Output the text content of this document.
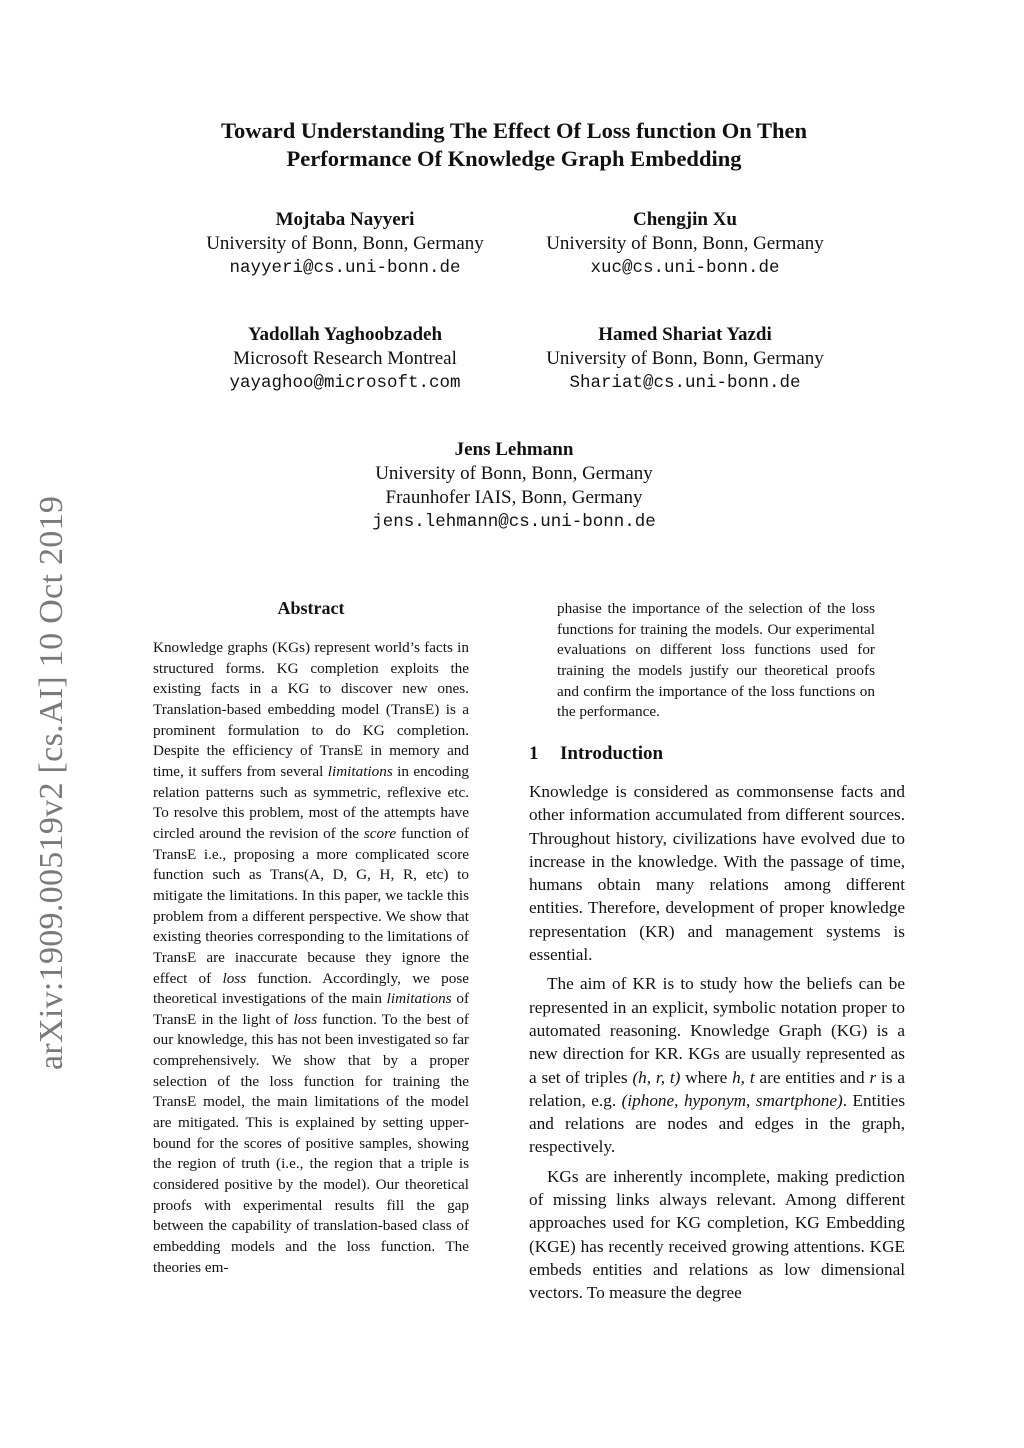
arXiv:1909.00519v2 [cs.AI] 10 Oct 2019
Toward Understanding The Effect Of Loss function On Then
Performance Of Knowledge Graph Embedding
Mojtaba Nayyeri
University of Bonn, Bonn, Germany
nayyeri@cs.uni-bonn.de
Chengjin Xu
University of Bonn, Bonn, Germany
xuc@cs.uni-bonn.de
Yadollah Yaghoobzadeh
Microsoft Research Montreal
yayaghoo@microsoft.com
Hamed Shariat Yazdi
University of Bonn, Bonn, Germany
Shariat@cs.uni-bonn.de
Jens Lehmann
University of Bonn, Bonn, Germany
Fraunhofer IAIS, Bonn, Germany
jens.lehmann@cs.uni-bonn.de
Abstract

Knowledge graphs (KGs) represent world’s facts in structured forms. KG completion exploits the existing facts in a KG to discover new ones. Translation-based embedding model (TransE) is a prominent formulation to do KG completion. Despite the efficiency of TransE in memory and time, it suffers from several limitations in encoding relation patterns such as symmetric, reflexive etc. To resolve this problem, most of the attempts have circled around the revision of the score function of TransE i.e., proposing a more complicated score function such as Trans(A, D, G, H, R, etc) to mitigate the limitations. In this paper, we tackle this problem from a different perspective. We show that existing theories corresponding to the limitations of TransE are inaccurate because they ignore the effect of loss function. Accordingly, we pose theoretical investigations of the main limitations of TransE in the light of loss function. To the best of our knowledge, this has not been investigated so far comprehensively. We show that by a proper selection of the loss function for training the TransE model, the main limitations of the model are mitigated. This is explained by setting upper-bound for the scores of positive samples, showing the region of truth (i.e., the region that a triple is considered positive by the model). Our theoretical proofs with experimental results fill the gap between the capability of translation-based class of embedding models and the loss function. The theories em-

phasise the importance of the selection of the loss functions for training the models. Our experimental evaluations on different loss functions used for training the models justify our theoretical proofs and confirm the importance of the loss functions on the performance.

1 Introduction

Knowledge is considered as commonsense facts and other information accumulated from different sources. Throughout history, civilizations have evolved due to increase in the knowledge. With the passage of time, humans obtain many relations among different entities. Therefore, development of proper knowledge representation (KR) and management systems is essential.

The aim of KR is to study how the beliefs can be represented in an explicit, symbolic notation proper to automated reasoning. Knowledge Graph (KG) is a new direction for KR. KGs are usually represented as a set of triples (h, r, t) where h, t are entities and r is a relation, e.g. (iphone, hyponym, smartphone). Entities and relations are nodes and edges in the graph, respectively.

KGs are inherently incomplete, making prediction of missing links always relevant. Among different approaches used for KG completion, KG Embedding (KGE) has recently received growing attentions. KGE embeds entities and relations as low dimensional vectors. To measure the degree
